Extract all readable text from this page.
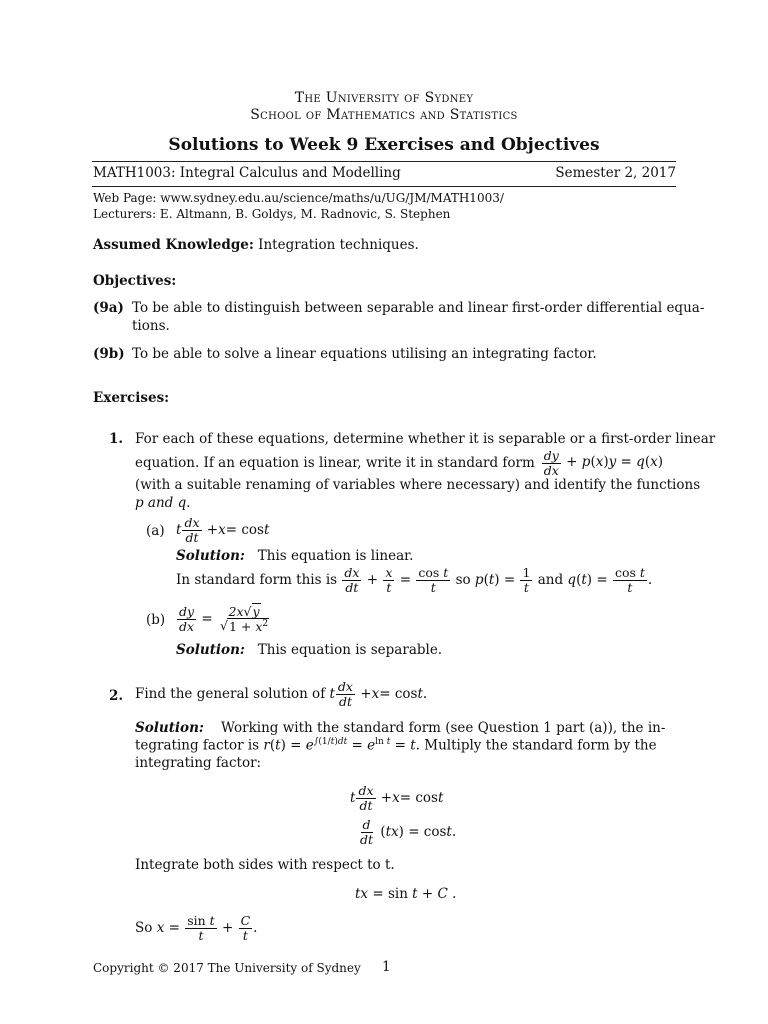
The University of Sydney
School of Mathematics and Statistics
Solutions to Week 9 Exercises and Objectives
MATH1003: Integral Calculus and Modelling	Semester 2, 2017
Web Page: www.sydney.edu.au/science/maths/u/UG/JM/MATH1003/
Lecturers: E. Altmann, B. Goldys, M. Radnovic, S. Stephen
Assumed Knowledge: Integration techniques.
Objectives:
(9a) To be able to distinguish between separable and linear first-order differential equa-
tions.
(9b) To be able to solve a linear equations utilising an integrating factor.
Exercises:
1. For each of these equations, determine whether it is separable or a first-order linear
equation. If an equation is linear, write it in standard form $\frac{dy}{dx} + p(x)y = q(x)$
(with a suitable renaming of variables where necessary) and identify the functions
p and q.
(a) t $\frac{dx}{dt} + x = \cos t$
Solution: This equation is linear.
In standard form this is
$\frac{dx}{dt} + \frac{x}{t} = \frac{\text{cos t}}{t}$
so
p ( t ) = $\frac{1}{t}$
and
q ( t ) = $\frac{\text{cos t}}{t}$ .
$(b) \frac{dy}{dx} = \frac{2x√y}{√1 + x^2}$
Solution: This equation is separable.
2. Find the general solution of
t $\frac{dx}{dt} + x = \cos t$ .
Solution: Working with the standard form (see Question 1 part (a)), the in-
tegrating factor is $r(t) = e^{\int(1/t)dt} = e^{ln t} = t$. Multiply the standard form by the
integrating factor:
t $\frac{dx}{dt} + x = \cos t$
$\frac{d}{dt}$ ( tx ) = cos t .
Integrate both sides with respect to t.
tx = sin t + C .
So
$x = \frac{\text{sin t}}{t} + \frac{C}{t}$ .
Copyright © 2017 The University of Sydney 1
